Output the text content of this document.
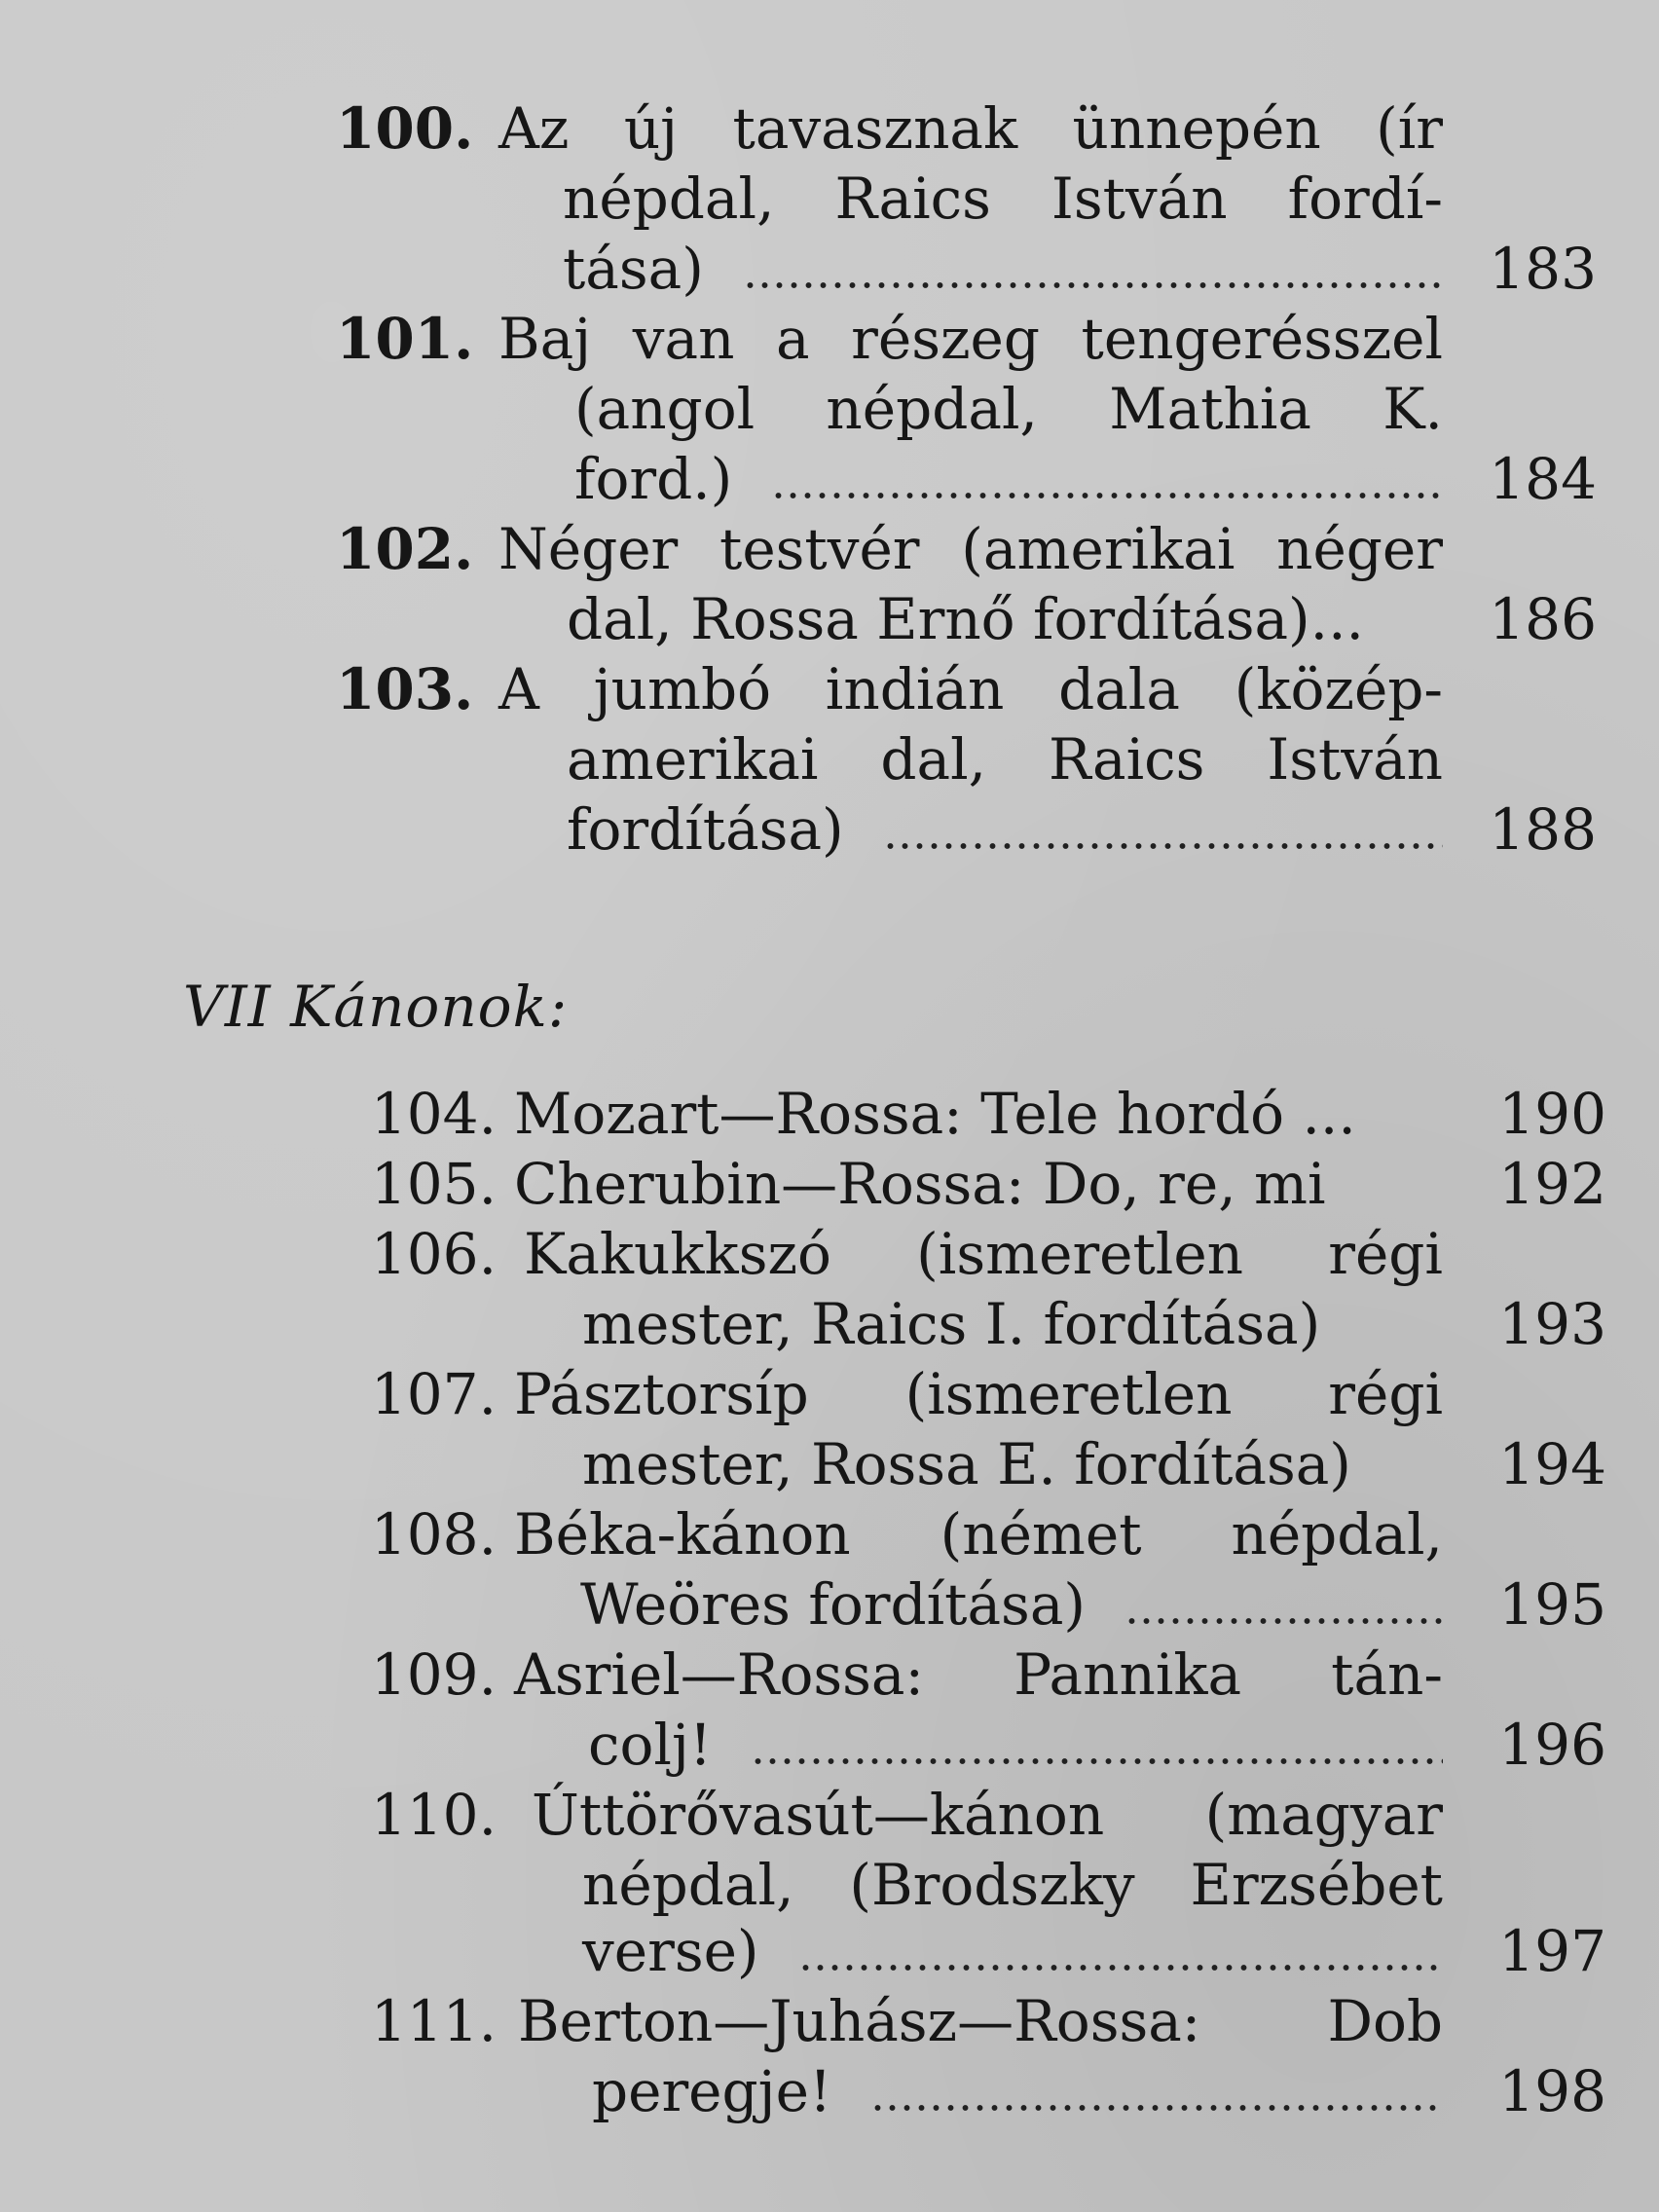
VII Kánonok:
100. Az új tavasznak ünnepén (ír
népdal, Raics István fordí-
tása)	183
101. Baj van a részeg tengerésszel
(angol népdal, Mathia K.
ford.)	184
102. Néger testvér (amerikai néger
dal, Rossa Ernő fordítása)...	186
103. A jumbó indián dala (közép-
amerikai dal, Raics István
fordítása)	188
104. Mozart—Rossa: Tele hordó ...	190
105. Cherubin—Rossa: Do, re, mi	192
106. Kakukkszó (ismeretlen régi
mester, Raics I. fordítása)	193
107. Pásztorsíp (ismeretlen régi
mester, Rossa E. fordítása)	194
108. Béka-kánon (német népdal,
Weöres fordítása)	195
109. Asriel—Rossa: Pannika tán-
colj!	196
110. Úttörővasút—kánon (magyar
népdal, (Brodszky Erzsébet
verse)	197
111. Berton—Juhász—Rossa: Dob
peregje!	198
